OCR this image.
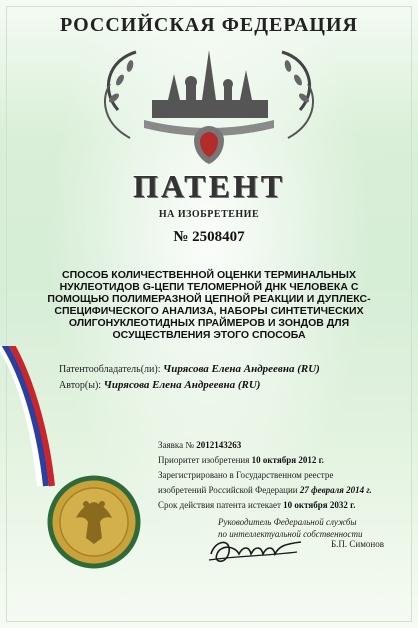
РОССИЙСКАЯ ФЕДЕРАЦИЯ
ПАТЕНТ
НА ИЗОБРЕТЕНИЕ
№ 2508407
СПОСОБ КОЛИЧЕСТВЕННОЙ ОЦЕНКИ ТЕРМИНАЛЬНЫХ
НУКЛЕОТИДОВ G-ЦЕПИ ТЕЛОМЕРНОЙ ДНК ЧЕЛОВЕКА С
ПОМОЩЬЮ ПОЛИМЕРАЗНОЙ ЦЕПНОЙ РЕАКЦИИ И ДУПЛЕКС-
СПЕЦИФИЧЕСКОГО АНАЛИЗА, НАБОРЫ СИНТЕТИЧЕСКИХ
ОЛИГОНУКЛЕОТИДНЫХ ПРАЙМЕРОВ И ЗОНДОВ ДЛЯ
ОСУЩЕСТВЛЕНИЯ ЭТОГО СПОСОБА
Патентообладатель(ли): Чирясова Елена Андреевна (RU)
Автор(ы): Чирясова Елена Андреевна (RU)
Заявка № 2012143263
Приоритет изобретения 10 октября 2012 г.
Зарегистрировано в Государственном реестре
изобретений Российской Федерации 27 февраля 2014 г.
Срок действия патента истекает 10 октября 2032 г.
Руководитель Федеральной службы
по интеллектуальной собственности
Б.П. Симонов
